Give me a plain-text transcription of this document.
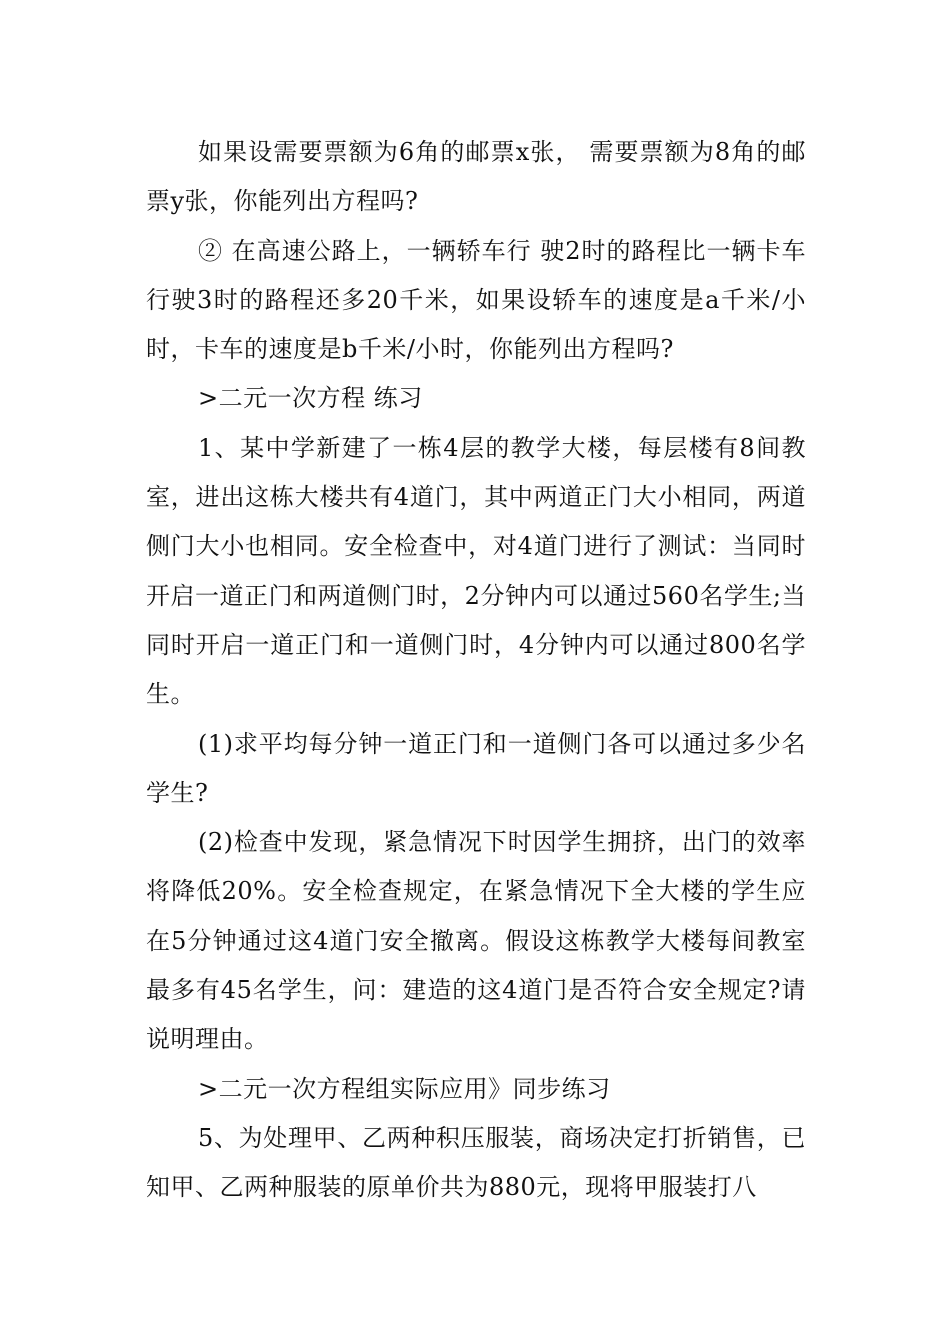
如果设需要票额为6角的邮票x张， 需要票额为8角的邮票y张，你能列出方程吗?

② 在高速公路上，一辆轿车行 驶2时的路程比一辆卡车行驶3时的路程还多20千米，如果设轿车的速度是a千米/小时，卡车的速度是b千米/小时，你能列出方程吗?

>二元一次方程 练习

1、某中学新建了一栋4层的教学大楼，每层楼有8间教室，进出这栋大楼共有4道门，其中两道正门大小相同，两道侧门大小也相同。安全检查中，对4道门进行了测试：当同时开启一道正门和两道侧门时，2分钟内可以通过560名学生;当同时开启一道正门和一道侧门时，4分钟内可以通过800名学生。

(1)求平均每分钟一道正门和一道侧门各可以通过多少名学生?

(2)检查中发现，紧急情况下时因学生拥挤，出门的效率将降低20%。安全检查规定，在紧急情况下全大楼的学生应在5分钟通过这4道门安全撤离。假设这栋教学大楼每间教室最多有45名学生，问：建造的这4道门是否符合安全规定?请说明理由。

>二元一次方程组实际应用》同步练习

5、为处理甲、乙两种积压服装，商场决定打折销售，已知甲、乙两种服装的原单价共为880元，现将甲服装打八
